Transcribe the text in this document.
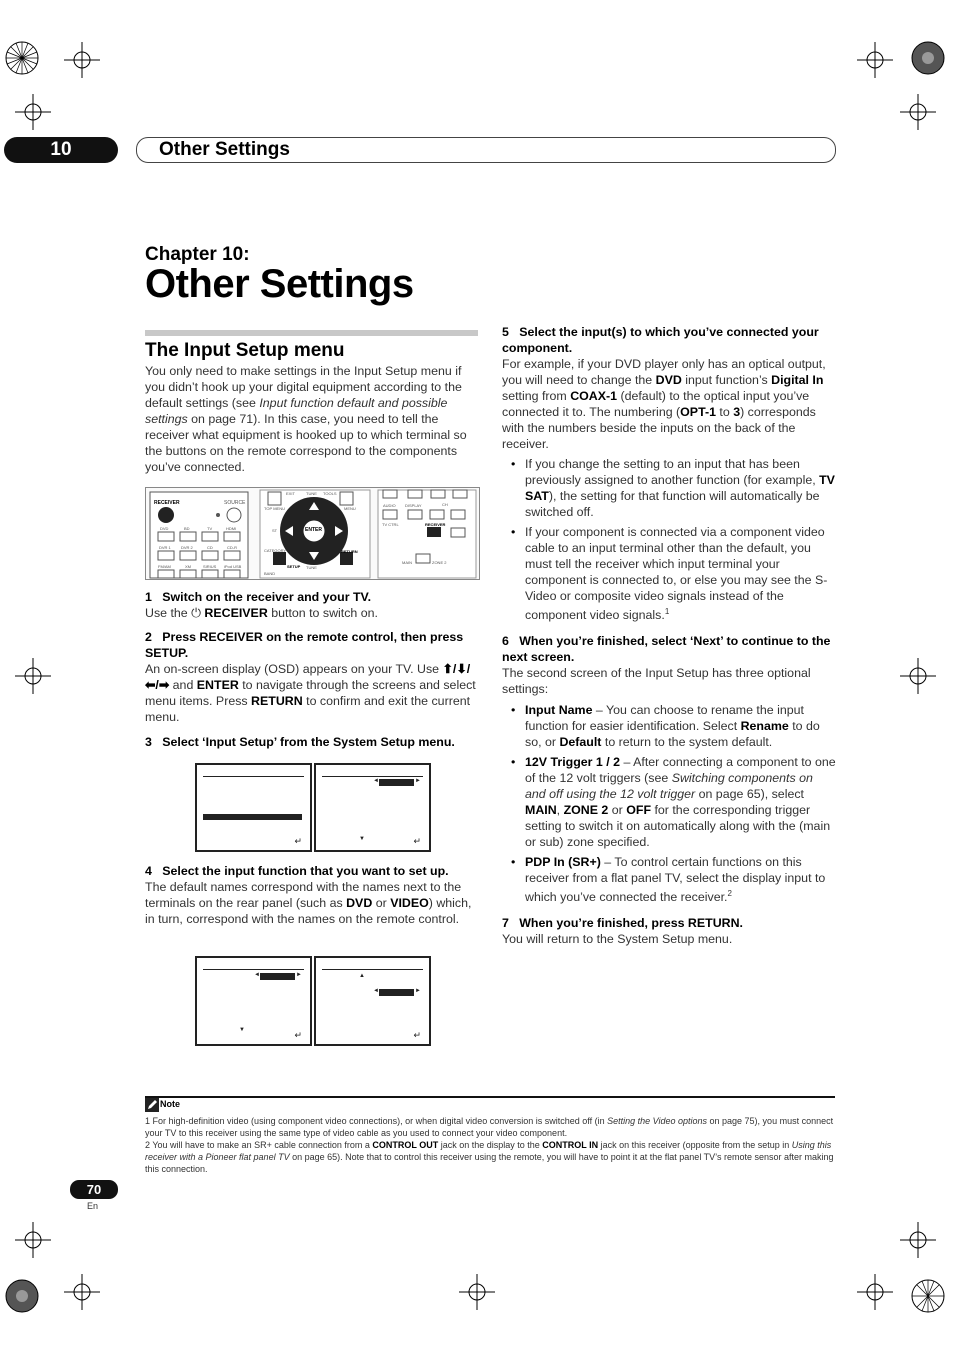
10	Other Settings
Chapter 10:
Other Settings
The Input Setup menu
You only need to make settings in the Input Setup menu if you didn’t hook up your digital equipment according to the default settings (see Input function default and possible settings on page 71). In this case, you need to tell the receiver what equipment is hooked up to which terminal so the buttons on the remote correspond to the components you’ve connected.
RECEIVER	SOURCE
DVD	BD	TV	HDMI
DVR 1	DVR 2	CD	CD-R
FM/AM	XM	SIRIUS iPod USB
TOP MENU
EXIT	TUNE TOOLS
MENU
ENTER
ST
CATEGORY
SETUP
RETURN
BAND
TUNE
AUDIO DISPLAY	CH
TV CTRL	RECEIVER
MAIN	ZONE 2
1 Switch on the receiver and your TV.
Use the ⏻ RECEIVER button to switch on.
2 Press RECEIVER on the remote control, then press SETUP.
An on-screen display (OSD) appears on your TV. Use ⬆/⬇/⬅/➡ and ENTER to navigate through the screens and select menu items. Press RETURN to confirm and exit the current menu.
3 Select ‘Input Setup’ from the System Setup menu.
↵
◄	►
▼	↵
4 Select the input function that you want to set up.
The default names correspond with the names next to the terminals on the rear panel (such as DVD or VIDEO) which, in turn, correspond with the names on the remote control.
◄	►
▼	↵
▲
◄	►
↵
5 Select the input(s) to which you’ve connected your component.
For example, if your DVD player only has an optical output, you will need to change the DVD input function’s Digital In setting from COAX-1 (default) to the optical input you’ve connected it to. The numbering (OPT-1 to 3) corresponds with the numbers beside the inputs on the back of the receiver.
• If you change the setting to an input that has been previously assigned to another function (for example, TV SAT), the setting for that function will automatically be switched off.
• If your component is connected via a component video cable to an input terminal other than the default, you must tell the receiver which input terminal your component is connected to, or else you may see the S-Video or composite video signals instead of the component video signals.$^1$
6 When you’re finished, select ‘Next’ to continue to the next screen.
The second screen of the Input Setup has three optional settings:
• Input Name – You can choose to rename the input function for easier identification. Select Rename to do so, or Default to return to the system default.
• 12V Trigger 1 / 2 – After connecting a component to one of the 12 volt triggers (see Switching components on and off using the 12 volt trigger on page 65), select MAIN, ZONE 2 or OFF for the corresponding trigger setting to switch it on automatically along with the (main or sub) zone specified.
• PDP In (SR+) – To control certain functions on this receiver from a flat panel TV, select the display input to which you’ve connected the receiver.$^2$
7 When you’re finished, press RETURN.
You will return to the System Setup menu.
Note
1 For high-definition video (using component video connections), or when digital video conversion is switched off (in Setting the Video options on page 75), you must connect your TV to this receiver using the same type of video cable as you used to connect your video component.
2 You will have to make an SR+ cable connection from a CONTROL OUT jack on the display to the CONTROL IN jack on this receiver (opposite from the setup in Using this receiver with a Pioneer flat panel TV on page 65). Note that to control this receiver using the remote, you will have to point it at the flat panel TV’s remote sensor after making this connection.
70
En
